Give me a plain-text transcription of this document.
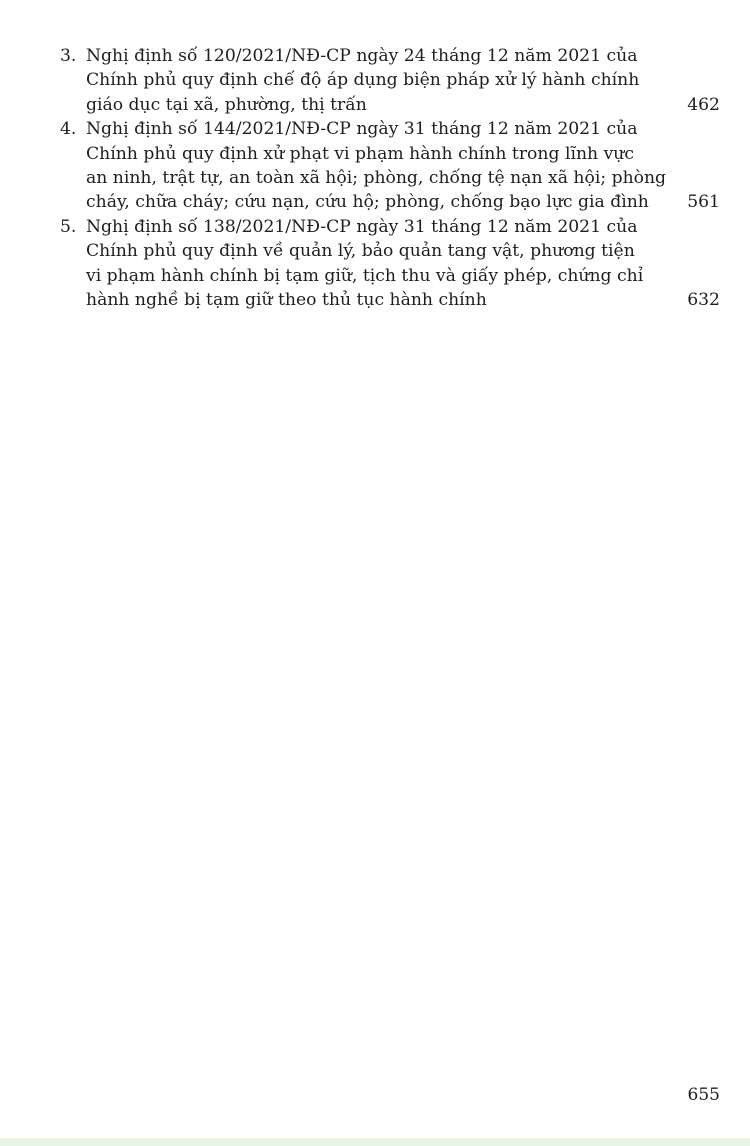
3. Nghị định số 120/2021/NĐ-CP ngày 24 tháng 12 năm 2021 của
Chính phủ quy định chế độ áp dụng biện pháp xử lý hành chính
giáo dục tại xã, phường, thị trấn	462
4. Nghị định số 144/2021/NĐ-CP ngày 31 tháng 12 năm 2021 của
Chính phủ quy định xử phạt vi phạm hành chính trong lĩnh vực
an ninh, trật tự, an toàn xã hội; phòng, chống tệ nạn xã hội; phòng
cháy, chữa cháy; cứu nạn, cứu hộ; phòng, chống bạo lực gia đình 561
5. Nghị định số 138/2021/NĐ-CP ngày 31 tháng 12 năm 2021 của
Chính phủ quy định về quản lý, bảo quản tang vật, phương tiện
vi phạm hành chính bị tạm giữ, tịch thu và giấy phép, chứng chỉ
hành nghề bị tạm giữ theo thủ tục hành chính	632
655
